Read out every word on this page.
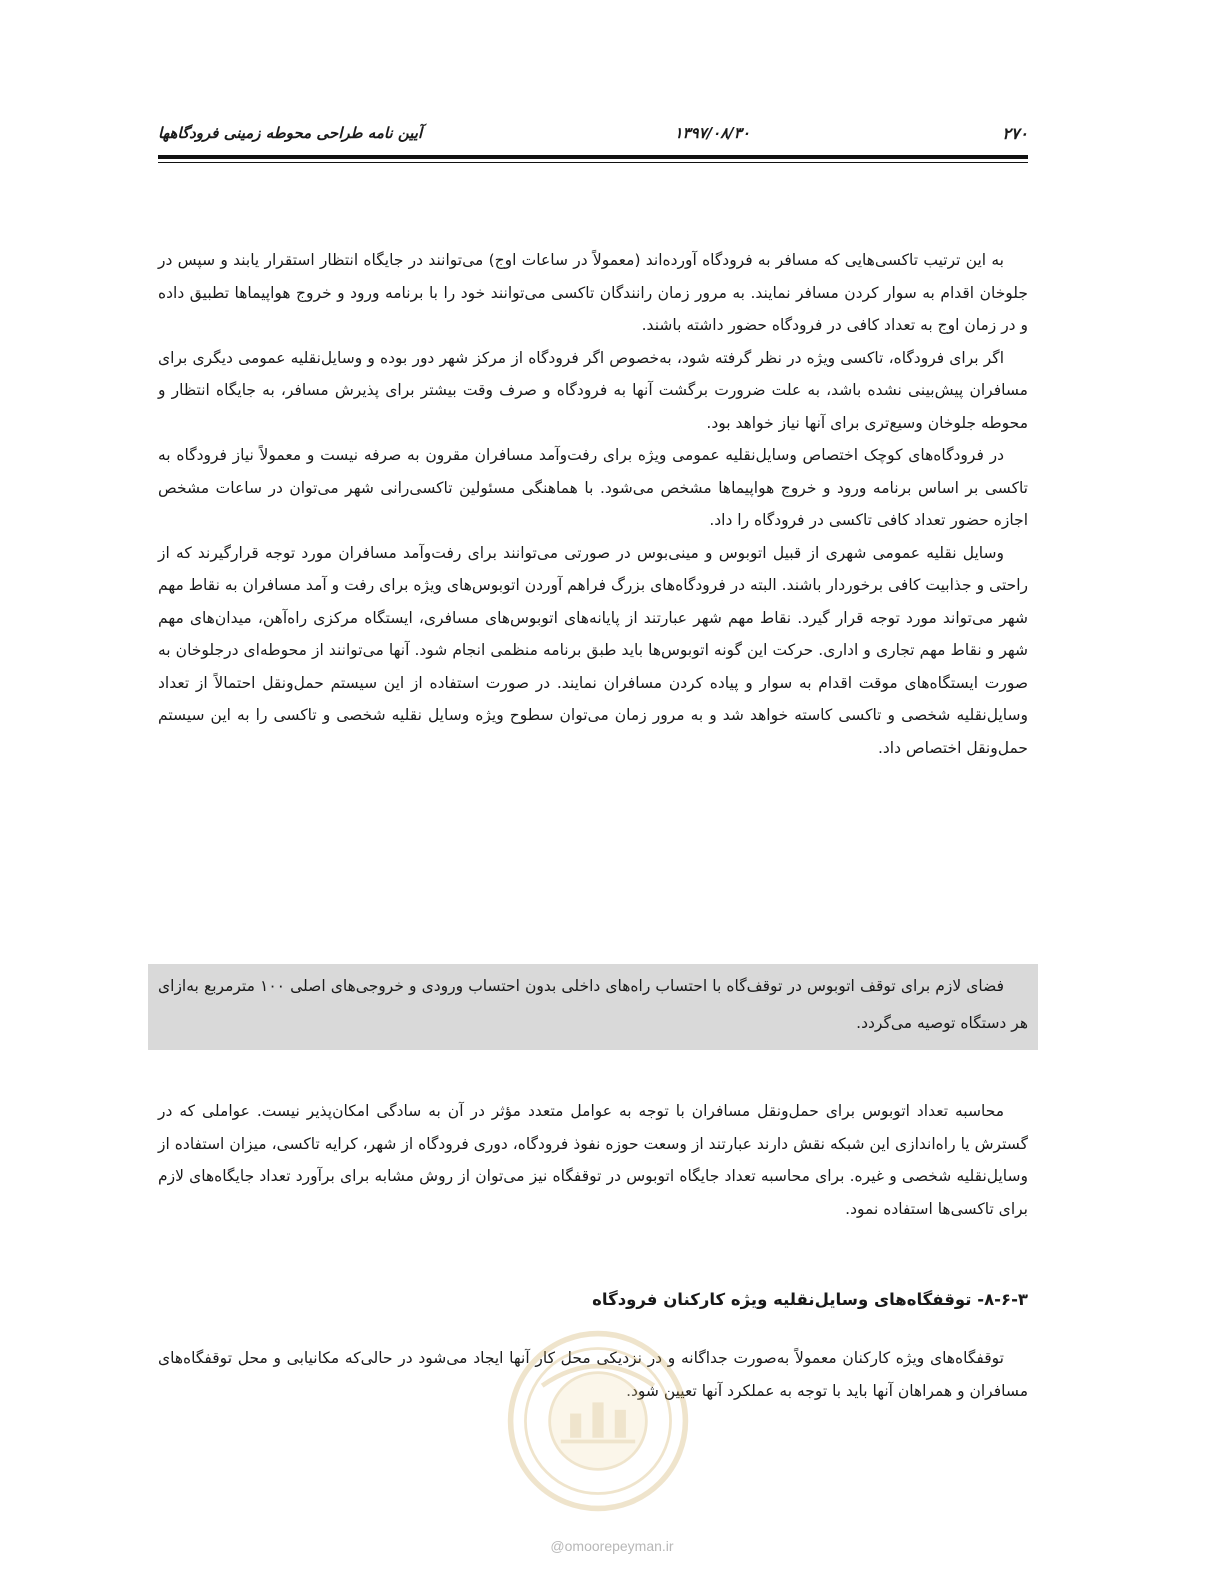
۲۷۰
۱۳۹۷/۰۸/۳۰
آیین نامه طراحی محوطه زمینی فرودگاهها

به این ترتیب تاکسی‌هایی که مسافر به فرودگاه آورده‌اند (معمولاً در ساعات اوج) می‌توانند در جایگاه انتظار استقرار یابند و سپس در جلوخان اقدام به سوار کردن مسافر نمایند. به مرور زمان رانندگان تاکسی می‌توانند خود را با برنامه ورود و خروج هواپیماها تطبیق داده و در زمان اوج به تعداد کافی در فرودگاه حضور داشته باشند.

اگر برای فرودگاه، تاکسی ویژه در نظر گرفته شود، به‌خصوص اگر فرودگاه از مرکز شهر دور بوده و وسایل‌نقلیه عمومی دیگری برای مسافران پیش‌بینی نشده باشد، به علت ضرورت برگشت آنها به فرودگاه و صرف وقت بیشتر برای پذیرش مسافر، به جایگاه انتظار و محوطه جلوخان وسیع‌تری برای آنها نیاز خواهد بود.

در فرودگاه‌های کوچک اختصاص وسایل‌نقلیه عمومی ویژه برای رفت‌وآمد مسافران مقرون به صرفه نیست و معمولاً نیاز فرودگاه به تاکسی بر اساس برنامه ورود و خروج هواپیماها مشخص می‌شود. با هماهنگی مسئولین تاکسی‌رانی شهر می‌توان در ساعات مشخص اجازه حضور تعداد کافی تاکسی در فرودگاه را داد.

وسایل نقلیه عمومی شهری از قبیل اتوبوس و مینی‌بوس در صورتی می‌توانند برای رفت‌وآمد مسافران مورد توجه قرارگیرند که از راحتی و جذابیت کافی برخوردار باشند. البته در فرودگاه‌های بزرگ فراهم آوردن اتوبوس‌های ویژه برای رفت و آمد مسافران به نقاط مهم شهر می‌تواند مورد توجه قرار گیرد. نقاط مهم شهر عبارتند از پایانه‌های اتوبوس‌های مسافری، ایستگاه مرکزی راه‌آهن، میدان‌های مهم شهر و نقاط مهم تجاری و اداری. حرکت این گونه اتوبوس‌ها باید طبق برنامه منظمی انجام شود. آنها می‌توانند از محوطه‌ای درجلوخان به صورت ایستگاه‌های موقت اقدام به سوار و پیاده کردن مسافران نمایند. در صورت استفاده از این سیستم حمل‌ونقل احتمالاً از تعداد وسایل‌نقلیه شخصی و تاکسی کاسته خواهد شد و به مرور زمان می‌توان سطوح ویژه وسایل نقلیه شخصی و تاکسی را به این سیستم حمل‌ونقل اختصاص داد.

فضای لازم برای توقف اتوبوس در توقف‌گاه با احتساب راه‌های داخلی بدون احتساب ورودی و خروجی‌های اصلی ۱۰۰ مترمربع به‌ازای هر دستگاه توصیه می‌گردد.

محاسبه تعداد اتوبوس برای حمل‌ونقل مسافران با توجه به عوامل متعدد مؤثر در آن به سادگی امکان‌پذیر نیست. عواملی که در گسترش یا راه‌اندازی این شبکه نقش دارند عبارتند از وسعت حوزه نفوذ فرودگاه، دوری فرودگاه از شهر، کرایه تاکسی، میزان استفاده از وسایل‌نقلیه شخصی و غیره. برای محاسبه تعداد جایگاه اتوبوس در توقفگاه نیز می‌توان از روش مشابه برای برآورد تعداد جایگاه‌های لازم برای تاکسی‌ها استفاده نمود.

۸-۶-۳- توقفگاه‌های وسایل‌نقلیه ویژه کارکنان فرودگاه

توقفگاه‌های ویژه کارکنان معمولاً به‌صورت جداگانه و در نزدیکی محل کار آنها ایجاد می‌شود در حالی‌که مکانیابی و محل توقفگاه‌های مسافران و همراهان آنها باید با توجه به عملکرد آنها تعیین شود.

@omoorepeyman.ir
